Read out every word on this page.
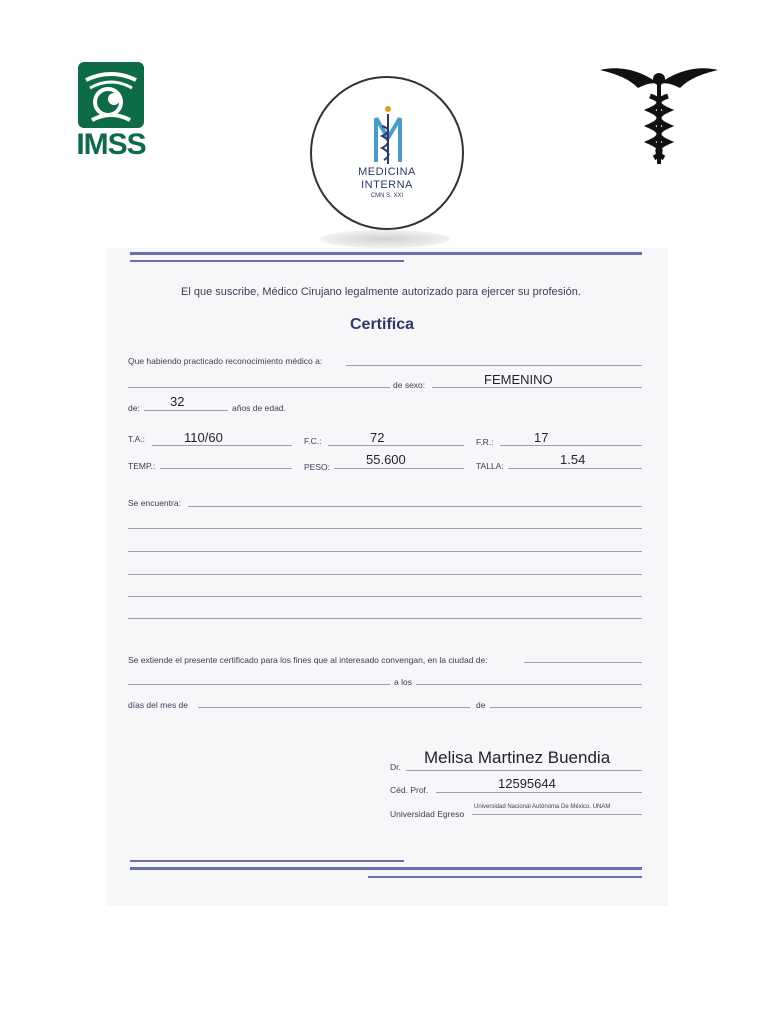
IMSS
MEDICINA
INTERNA
CMN S. XXI
El que suscribe, Médico Cirujano legalmente autorizado para ejercer su profesión.
Certifica
Que habiendo practicado reconocimiento médico a:
de sexo:	FEMENINO
de: 32	años de edad.
T.A.:	110/60	F.C.:	72	F.R.:	17
TEMP.:	PESO:	55.600	TALLA:	1.54
Se encuentra:
Se extiende el presente certificado para los fines que al interesado convengan, en la ciudad de:
a los
días del mes de	de
Dr. Melisa Martinez Buendia
Céd. Prof.	12595644
Universidad Egreso
Universidad Nacional Autónoma De México. UNAM
